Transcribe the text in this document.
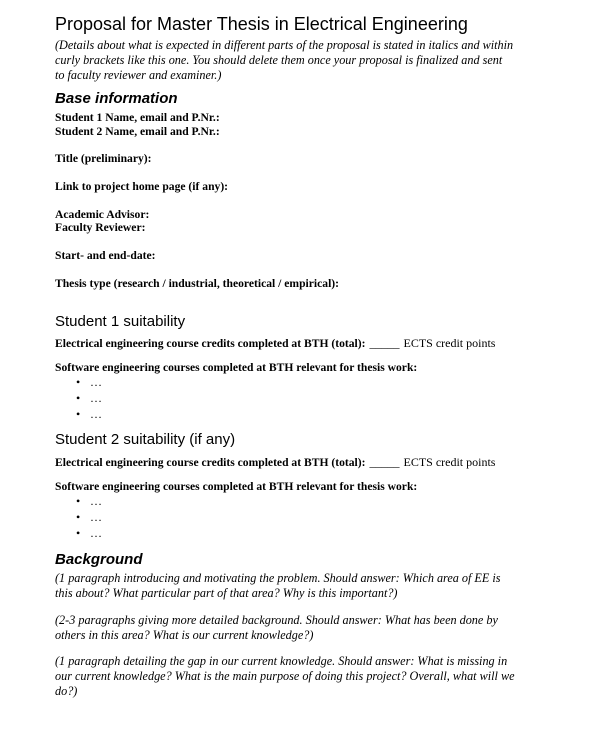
Proposal for Master Thesis in Electrical Engineering
(Details about what is expected in different parts of the proposal is stated in italics and within
curly brackets like this one. You should delete them once your proposal is finalized and sent
to faculty reviewer and examiner.)
Base information
Student 1 Name, email and P.Nr.:
Student 2 Name, email and P.Nr.:
Title (preliminary):
Link to project home page (if any):
Academic Advisor:
Faculty Reviewer:
Start- and end-date:
Thesis type (research / industrial, theoretical / empirical):
Student 1 suitability
Electrical engineering course credits completed at BTH (total): _____ ECTS credit points
Software engineering courses completed at BTH relevant for thesis work:
• …
• …
• …
Student 2 suitability (if any)
Electrical engineering course credits completed at BTH (total): _____ ECTS credit points
Software engineering courses completed at BTH relevant for thesis work:
• …
• …
• …
Background
(1 paragraph introducing and motivating the problem. Should answer: Which area of EE is
this about? What particular part of that area? Why is this important?)
(2-3 paragraphs giving more detailed background. Should answer: What has been done by
others in this area? What is our current knowledge?)
(1 paragraph detailing the gap in our current knowledge. Should answer: What is missing in
our current knowledge? What is the main purpose of doing this project? Overall, what will we
do?)
